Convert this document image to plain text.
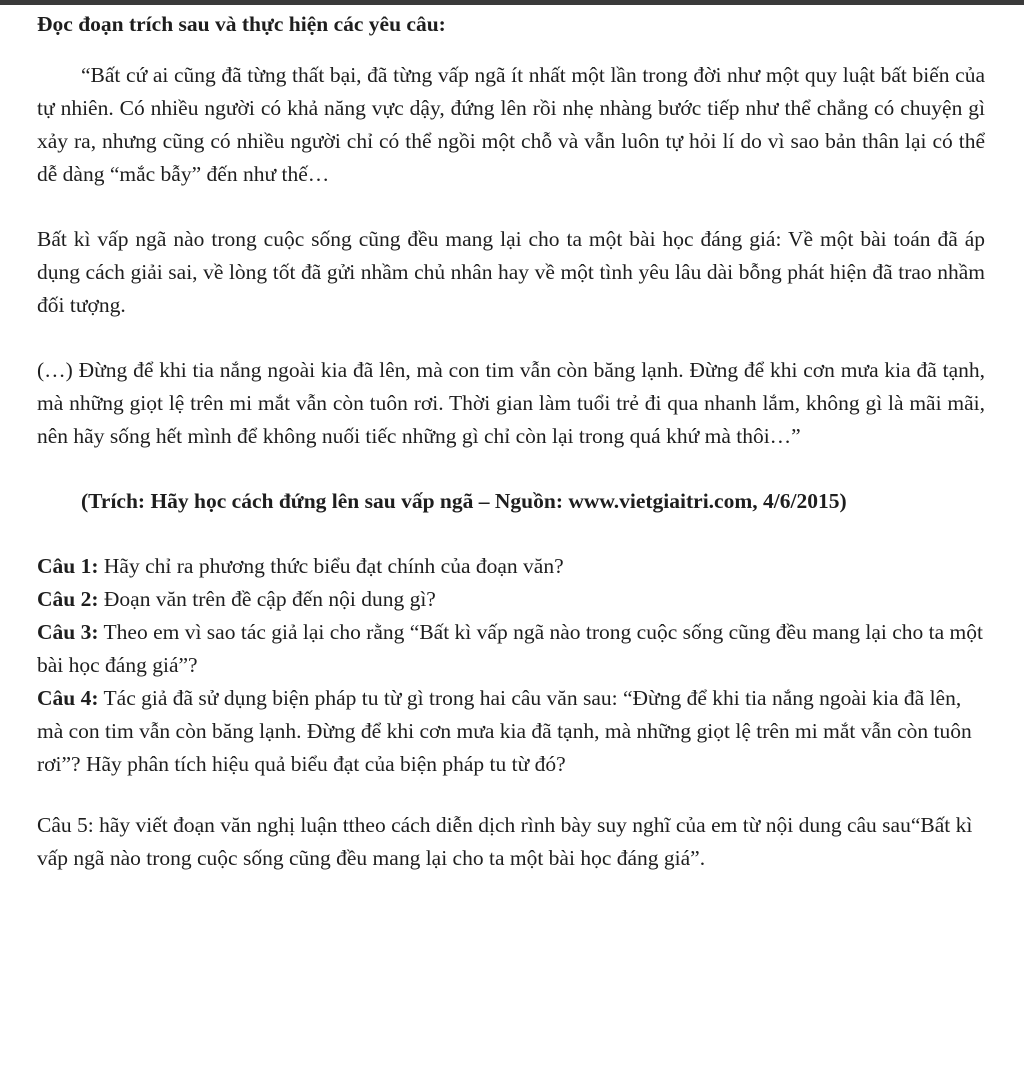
Đọc đoạn trích sau và thực hiện các yêu câu:

“Bất cứ ai cũng đã từng thất bại, đã từng vấp ngã ít nhất một lần trong đời như một quy luật bất biến của tự nhiên. Có nhiều người có khả năng vực dậy, đứng lên rồi nhẹ nhàng bước tiếp như thể chẳng có chuyện gì xảy ra, nhưng cũng có nhiều người chỉ có thể ngồi một chỗ và vẫn luôn tự hỏi lí do vì sao bản thân lại có thể dễ dàng “mắc bẫy” đến như thế…

Bất kì vấp ngã nào trong cuộc sống cũng đều mang lại cho ta một bài học đáng giá: Về một bài toán đã áp dụng cách giải sai, về lòng tốt đã gửi nhầm chủ nhân hay về một tình yêu lâu dài bỗng phát hiện đã trao nhầm đối tượng.

(…) Đừng để khi tia nắng ngoài kia đã lên, mà con tim vẫn còn băng lạnh. Đừng để khi cơn mưa kia đã tạnh, mà những giọt lệ trên mi mắt vẫn còn tuôn rơi. Thời gian làm tuổi trẻ đi qua nhanh lắm, không gì là mãi mãi, nên hãy sống hết mình để không nuối tiếc những gì chỉ còn lại trong quá khứ mà thôi…”

(Trích: Hãy học cách đứng lên sau vấp ngã – Nguồn: www.vietgiaitri.com, 4/6/2015)

Câu 1: Hãy chỉ ra phương thức biểu đạt chính của đoạn văn?

Câu 2: Đoạn văn trên đề cập đến nội dung gì?

Câu 3: Theo em vì sao tác giả lại cho rằng “Bất kì vấp ngã nào trong cuộc sống cũng đều mang lại cho ta một bài học đáng giá”?

Câu 4: Tác giả đã sử dụng biện pháp tu từ gì trong hai câu văn sau: “Đừng để khi tia nắng ngoài kia đã lên, mà con tim vẫn còn băng lạnh. Đừng để khi cơn mưa kia đã tạnh, mà những giọt lệ trên mi mắt vẫn còn tuôn rơi”? Hãy phân tích hiệu quả biểu đạt của biện pháp tu từ đó?

Câu 5: hãy viết đoạn văn nghị luận ttheo cách diễn dịch rình bày suy nghĩ của em từ nội dung câu sau“Bất kì vấp ngã nào trong cuộc sống cũng đều mang lại cho ta một bài học đáng giá”.
